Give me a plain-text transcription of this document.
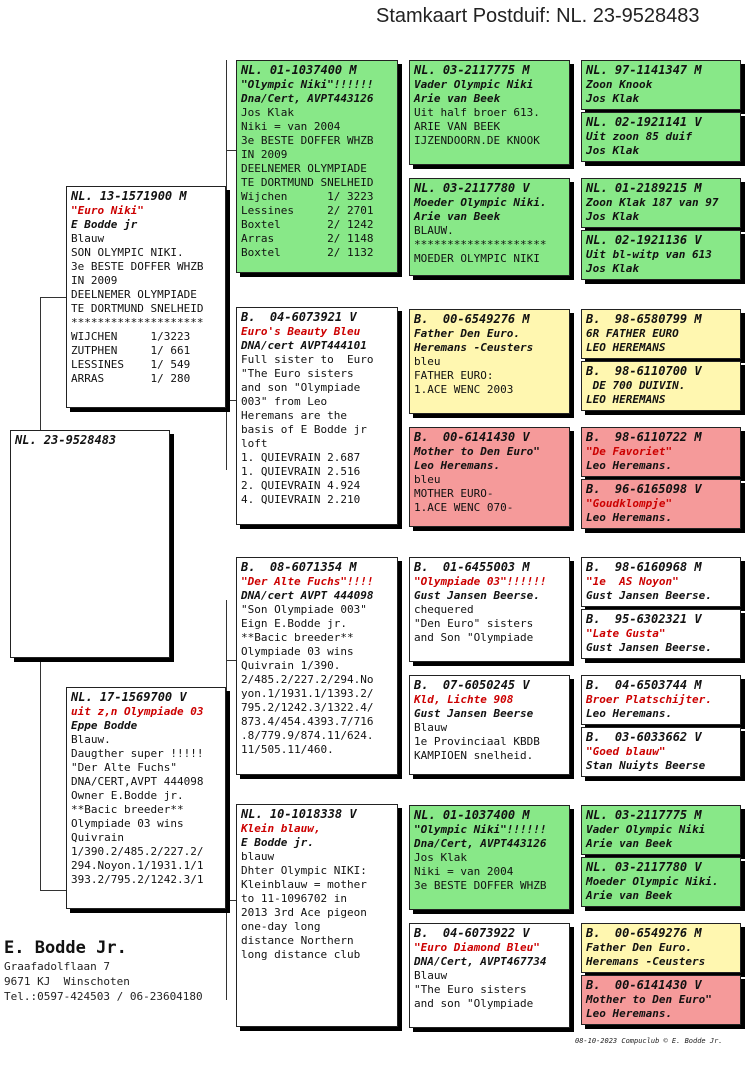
Stamkaart Postduif: NL. 23-9528483
NL. 23-9528483
NL. 13-1571900 M
"Euro Niki"
E Bodde jr
Blauw
SON OLYMPIC NIKI.
3e BESTE DOFFER WHZB
IN 2009
DEELNEMER OLYMPIADE
TE DORTMUND SNELHEID
********************
WIJCHEN     1/3223
ZUTPHEN     1/ 661
LESSINES    1/ 549
ARRAS       1/ 280
NL. 17-1569700 V
uit z,n Olympiade 03
Eppe Bodde
Blauw.
Daugther super !!!!!
"Der Alte Fuchs"
DNA/CERT,AVPT 444098
Owner E.Bodde jr.
**Bacic breeder**
Olympiade 03 wins
Quivrain
1/390.2/485.2/227.2/
294.Noyon.1/1931.1/1
393.2/795.2/1242.3/1
NL. 01-1037400 M
"Olympic Niki"!!!!!!
Dna/Cert, AVPT443126
Jos Klak
Niki = van 2004
3e BESTE DOFFER WHZB
IN 2009
DEELNEMER OLYMPIADE
TE DORTMUND SNELHEID
Wijchen      1/ 3223
Lessines     2/ 2701
Boxtel       2/ 1242
Arras        2/ 1148
Boxtel       2/ 1132
B.  04-6073921 V
Euro's Beauty Bleu
DNA/cert AVPT444101
Full sister to  Euro
"The Euro sisters
and son "Olympiade
003" from Leo
Heremans are the
basis of E Bodde jr
loft
1. QUIEVRAIN 2.687
1. QUIEVRAIN 2.516
2. QUIEVRAIN 4.924
4. QUIEVRAIN 2.210
B.  08-6071354 M
"Der Alte Fuchs"!!!!
DNA/cert AVPT 444098
"Son Olympiade 003"
Eign E.Bodde jr.
**Bacic breeder**
Olympiade 03 wins
Quivrain 1/390.
2/485.2/227.2/294.No
yon.1/1931.1/1393.2/
795.2/1242.3/1322.4/
873.4/454.4393.7/716
.8/779.9/874.11/624.
11/505.11/460.
NL. 10-1018338 V
Klein blauw,
E Bodde jr.
blauw
Dhter Olympic NIKI:
Kleinblauw = mother
to 11-1096702 in
2013 3rd Ace pigeon
one-day long
distance Northern
long distance club
NL. 03-2117775 M
Vader Olympic Niki
Arie van Beek
Uit half broer 613.
ARIE VAN BEEK
IJZENDOORN.DE KNOOK
NL. 03-2117780 V
Moeder Olympic Niki.
Arie van Beek
BLAUW.
********************
MOEDER OLYMPIC NIKI
B.  00-6549276 M
Father Den Euro.
Heremans -Ceusters
bleu
FATHER EURO:
1.ACE WENC 2003
B.  00-6141430 V
Mother to Den Euro"
Leo Heremans.
bleu
MOTHER EURO-
1.ACE WENC 070-
B.  01-6455003 M
"Olympiade 03"!!!!!!
Gust Jansen Beerse.
chequered
"Den Euro" sisters
and Son "Olympiade
B.  07-6050245 V
Kld, Lichte 908
Gust Jansen Beerse
Blauw
1e Provinciaal KBDB
KAMPIOEN snelheid.
NL. 01-1037400 M
"Olympic Niki"!!!!!!
Dna/Cert, AVPT443126
Jos Klak
Niki = van 2004
3e BESTE DOFFER WHZB
B.  04-6073922 V
"Euro Diamond Bleu"
DNA/Cert, AVPT467734
Blauw
"The Euro sisters
and son "Olympiade
NL. 97-1141347 M
Zoon Knook
Jos Klak
NL. 02-1921141 V
Uit zoon 85 duif
Jos Klak
NL. 01-2189215 M
Zoon Klak 187 van 97
Jos Klak
NL. 02-1921136 V
Uit bl-witp van 613
Jos Klak
B.  98-6580799 M
6R FATHER EURO
LEO HEREMANS
B.  98-6110700 V
DE 700 DUIVIN.
LEO HEREMANS
B.  98-6110722 M
"De Favoriet"
Leo Heremans.
B.  96-6165098 V
"Goudklompje"
Leo Heremans.
B.  98-6160968 M
"1e  AS Noyon"
Gust Jansen Beerse.
B.  95-6302321 V
"Late Gusta"
Gust Jansen Beerse.
B.  04-6503744 M
Broer Platschijter.
Leo Heremans.
B.  03-6033662 V
"Goed blauw"
Stan Nuiyts Beerse
NL. 03-2117775 M
Vader Olympic Niki
Arie van Beek
NL. 03-2117780 V
Moeder Olympic Niki.
Arie van Beek
B.  00-6549276 M
Father Den Euro.
Heremans -Ceusters
B.  00-6141430 V
Mother to Den Euro"
Leo Heremans.
E. Bodde Jr.
Graafadolflaan 7
9671 KJ  Winschoten
Tel.:0597-424503 / 06-23604180
08-10-2023 Compuclub © E. Bodde Jr.
